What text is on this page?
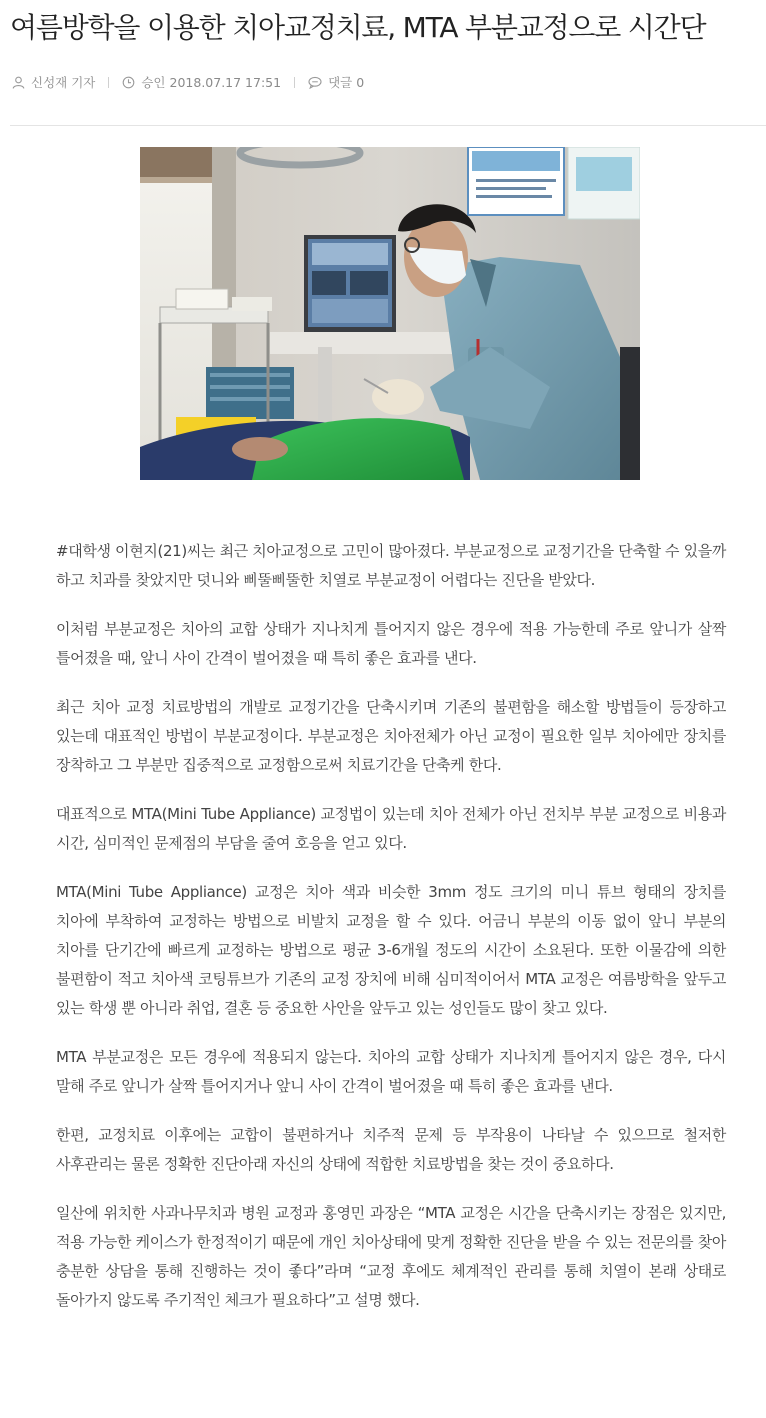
여름방학을 이용한 치아교정치료, MTA 부분교정으로 시간단
신성재 기자	승인 2018.07.17 17:51	댓글 0

#대학생 이현지(21)씨는 최근 치아교정으로 고민이 많아졌다. 부분교정으로 교정기간을 단축할 수 있을까 하고 치과를 찾았지만 덧니와 삐뚤삐뚤한 치열로 부분교정이 어렵다는 진단을 받았다.

이처럼 부분교정은 치아의 교합 상태가 지나치게 틀어지지 않은 경우에 적용 가능한데 주로 앞니가 살짝 틀어졌을 때, 앞니 사이 간격이 벌어졌을 때 특히 좋은 효과를 낸다.

최근 치아 교정 치료방법의 개발로 교정기간을 단축시키며 기존의 불편함을 해소할 방법들이 등장하고 있는데 대표적인 방법이 부분교정이다. 부분교정은 치아전체가 아닌 교정이 필요한 일부 치아에만 장치를 장착하고 그 부분만 집중적으로 교정함으로써 치료기간을 단축케 한다.

대표적으로 MTA(Mini Tube Appliance) 교정법이 있는데 치아 전체가 아닌 전치부 부분 교정으로 비용과 시간, 심미적인 문제점의 부담을 줄여 호응을 얻고 있다.

MTA(Mini Tube Appliance) 교정은 치아 색과 비슷한 3mm 정도 크기의 미니 튜브 형태의 장치를 치아에 부착하여 교정하는 방법으로 비발치 교정을 할 수 있다. 어금니 부분의 이동 없이 앞니 부분의 치아를 단기간에 빠르게 교정하는 방법으로 평균 3-6개월 정도의 시간이 소요된다. 또한 이물감에 의한 불편함이 적고 치아색 코팅튜브가 기존의 교정 장치에 비해 심미적이어서 MTA 교정은 여름방학을 앞두고 있는 학생 뿐 아니라 취업, 결혼 등 중요한 사안을 앞두고 있는 성인들도 많이 찾고 있다.

MTA 부분교정은 모든 경우에 적용되지 않는다. 치아의 교합 상태가 지나치게 틀어지지 않은 경우, 다시 말해 주로 앞니가 살짝 틀어지거나 앞니 사이 간격이 벌어졌을 때 특히 좋은 효과를 낸다.

한편, 교정치료 이후에는 교합이 불편하거나 치주적 문제 등 부작용이 나타날 수 있으므로 철저한 사후관리는 물론 정확한 진단아래 자신의 상태에 적합한 치료방법을 찾는 것이 중요하다.

일산에 위치한 사과나무치과 병원 교정과 홍영민 과장은 “MTA 교정은 시간을 단축시키는 장점은 있지만, 적용 가능한 케이스가 한정적이기 때문에 개인 치아상태에 맞게 정확한 진단을 받을 수 있는 전문의를 찾아 충분한 상담을 통해 진행하는 것이 좋다”라며 “교정 후에도 체계적인 관리를 통해 치열이 본래 상태로 돌아가지 않도록 주기적인 체크가 필요하다”고 설명 했다.
